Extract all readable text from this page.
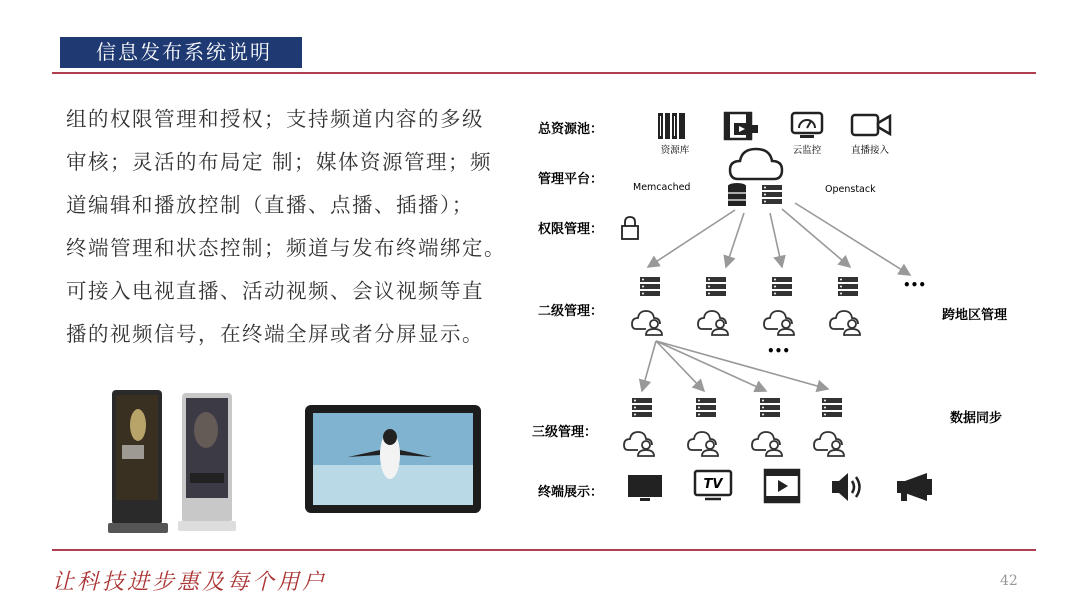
信息发布系统说明
组的权限管理和授权；支持频道内容的多级
审核；灵活的布局定 制；媒体资源管理；频
道编辑和播放控制（直播、点播、插播）；
终端管理和状态控制；频道与发布终端绑定。
可接入电视直播、活动视频、会议视频等直
播的视频信号，在终端全屏或者分屏显示。
总资源池：
管理平台：
权限管理：
二级管理：
三级管理：
终端展示：
资源库	云监控	直播接入
Memcached	Openstack
•••
•••
跨地区管理
数据同步
TV
让科技进步惠及每个用户	42
